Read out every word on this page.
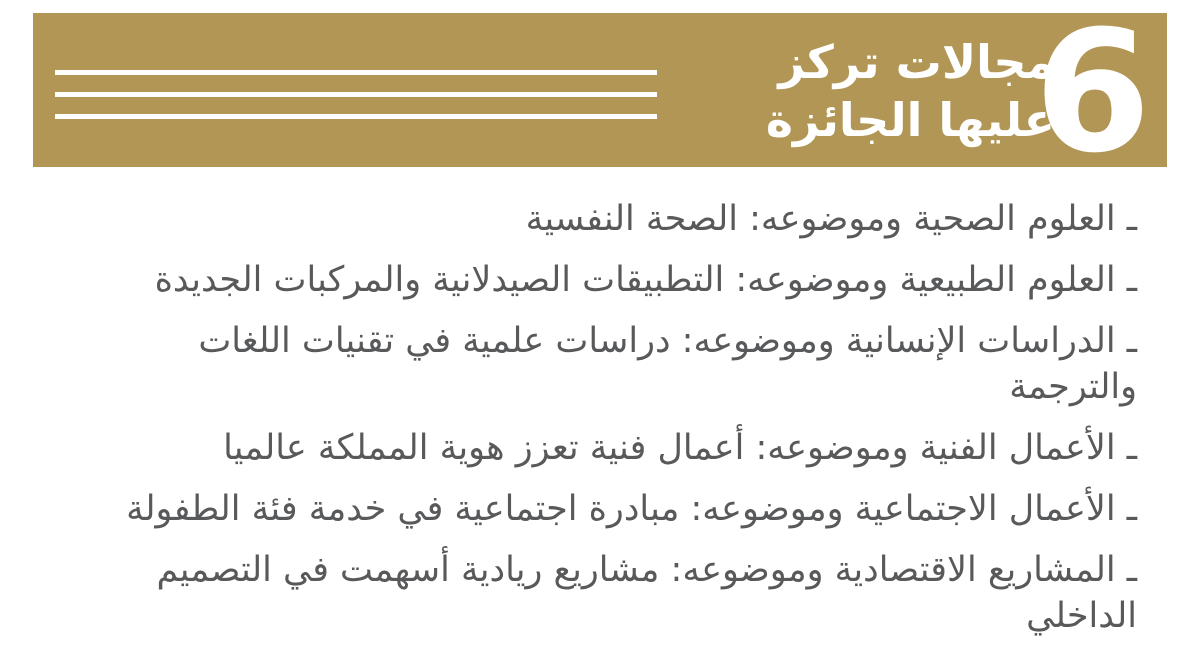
6
مجالات تركز
عليها الجائزة
ـ العلوم الصحية وموضوعه: الصحة النفسية
ـ العلوم الطبيعية وموضوعه: التطبيقات الصيدلانية والمركبات الجديدة
ـ الدراسات الإنسانية وموضوعه: دراسات علمية في تقنيات اللغات
والترجمة
ـ الأعمال الفنية وموضوعه: أعمال فنية تعزز هوية المملكة عالميا
ـ الأعمال الاجتماعية وموضوعه: مبادرة اجتماعية في خدمة فئة الطفولة
ـ المشاريع الاقتصادية وموضوعه: مشاريع ريادية أسهمت في التصميم
الداخلي
